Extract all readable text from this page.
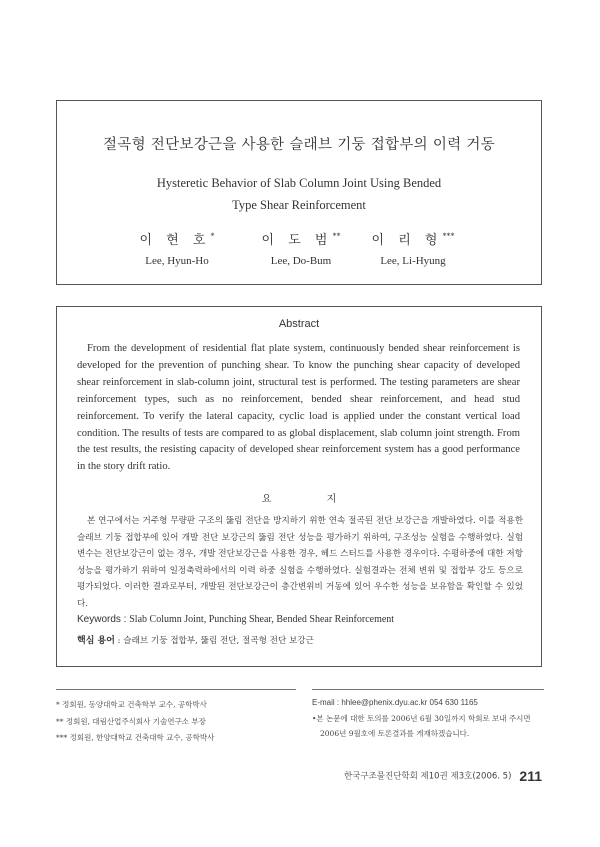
절곡형 전단보강근을 사용한 슬래브 기둥 접합부의 이력 거동
Hysteretic Behavior of Slab Column Joint Using Bended
Type Shear Reinforcement
이 현 호*
Lee, Hyun-Ho
이 도 범**
Lee, Do-Bum
이 리 형***
Lee, Li-Hyung
Abstract

From the development of residential flat plate system, continuously bended shear reinforcement is developed for the prevention of punching shear. To know the punching shear capacity of developed shear reinforcement in slab-column joint, structural test is performed. The testing parameters are shear reinforcement types, such as no reinforcement, bended shear reinforcement, and head stud reinforcement. To verify the lateral capacity, cyclic load is applied under the constant vertical load condition. The results of tests are compared to as global displacement, slab column joint strength. From the test results, the resisting capacity of developed shear reinforcement system has a good performance in the story drift ratio.

요 지

본 연구에서는 거주형 무량판 구조의 뚫림 전단을 방지하기 위한 연속 절곡된 전단 보강근을 개발하였다. 이를 적용한 슬래브 기둥 접합부에 있어 개발 전단 보강근의 뚫림 전단 성능을 평가하기 위하여, 구조성능 실험을 수행하였다. 실험 변수는 전단보강근이 없는 경우, 개발 전단보강근을 사용한 경우, 헤드 스터드를 사용한 경우이다. 수평하중에 대한 저항성능을 평가하기 위하여 일정축력하에서의 이력 하중 실험을 수행하였다. 실험결과는 전체 변위 및 접합부 강도 등으로 평가되었다. 이러한 결과로부터, 개발된 전단보강근이 층간변위비 거동에 있어 우수한 성능을 보유함을 확인할 수 있었다.

Keywords : Slab Column Joint, Punching Shear, Bended Shear Reinforcement
핵심 용어 : 슬래브 기둥 접합부, 뚫림 전단, 절곡형 전단 보강근
* 정회원, 동양대학교 건축학부 교수, 공학박사
** 정회원, 대림산업주식회사 기술연구소 부장
*** 정회원, 한양대학교 건축대학 교수, 공학박사
E-mail : hhlee@phenix.dyu.ac.kr 054 630 1165
•본 논문에 대한 토의를 2006년 6월 30일까지 학회로 보내 주시면 2006년 9월호에 토론결과를 게재하겠습니다.
한국구조물진단학회 제10권 제3호(2006. 5) 211
